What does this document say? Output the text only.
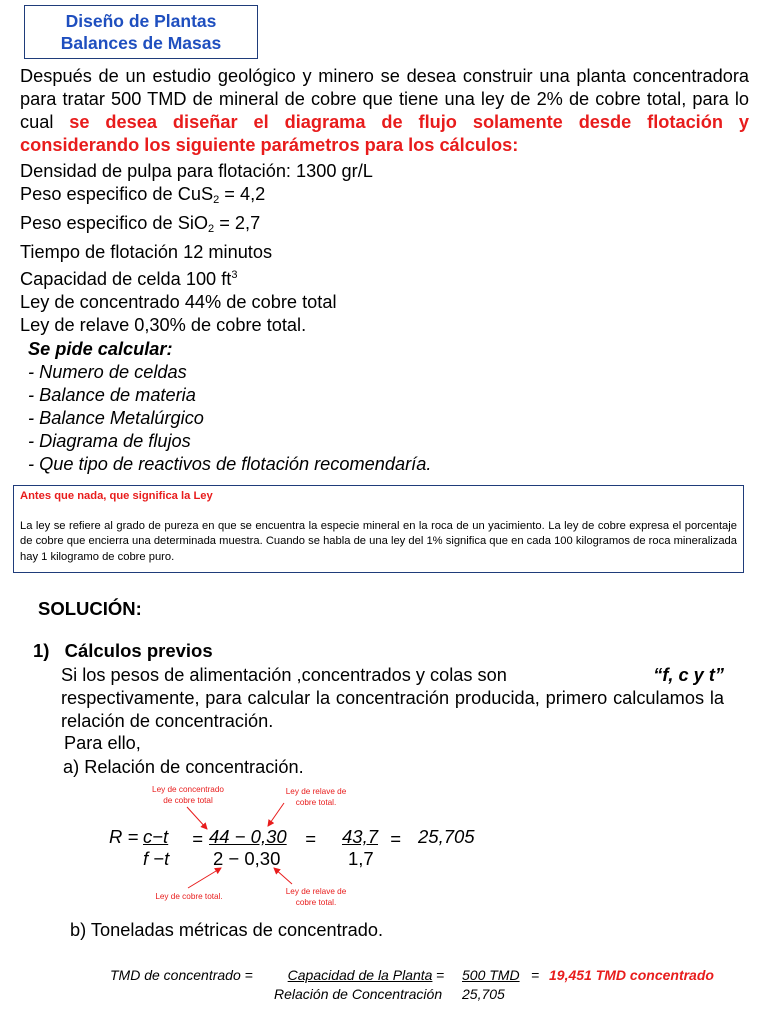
Diseño de Plantas
Balances de Masas
Después de un estudio geológico y minero se desea construir una planta concentradora para tratar 500 TMD de mineral de cobre que tiene una ley de 2% de cobre total, para lo cual se desea diseñar el diagrama de flujo solamente desde flotación y considerando los siguiente parámetros para los cálculos:
Densidad de pulpa para flotación: 1300 gr/L
Peso especifico de CuS$_2$ = 4,2
Peso especifico de SiO$_2$ = 2,7
Tiempo de flotación 12 minutos
Capacidad de celda 100 $ft^3$
Ley de concentrado 44% de cobre total
Ley de relave 0,30% de cobre total.
Se pide calcular:
- Numero de celdas
- Balance de materia
- Balance Metalúrgico
- Diagrama de flujos
- Que tipo de reactivos de flotación recomendaría.
Antes que nada, que significa la Ley
La ley se refiere al grado de pureza en que se encuentra la especie mineral en la roca de un yacimiento. La ley de cobre expresa el porcentaje de cobre que encierra una determinada muestra. Cuando se habla de una ley del 1% significa que en cada 100 kilogramos de roca mineralizada hay 1 kilogramo de cobre puro.
SOLUCIÓN:
1) Cálculos previos
Si los pesos de alimentación ,concentrados y colas son	“f, c y t”
respectivamente, para calcular la concentración producida, primero calculamos la relación de concentración.
Para ello,
a) Relación de concentración.
Ley de concentrado
de cobre total
Ley de relave de
cobre total.
Ley de cobre total.
Ley de relave de
cobre total.
R = c−t
f −t
= 44 − 0,30
2 − 0,30
= 43,7
1,7
= 25,705
b) Toneladas métricas de concentrado.
TMD de concentrado =	Capacidad de la Planta
Relación de Concentración
= 500 TMD
25,705
= 19,451 TMD concentrado
